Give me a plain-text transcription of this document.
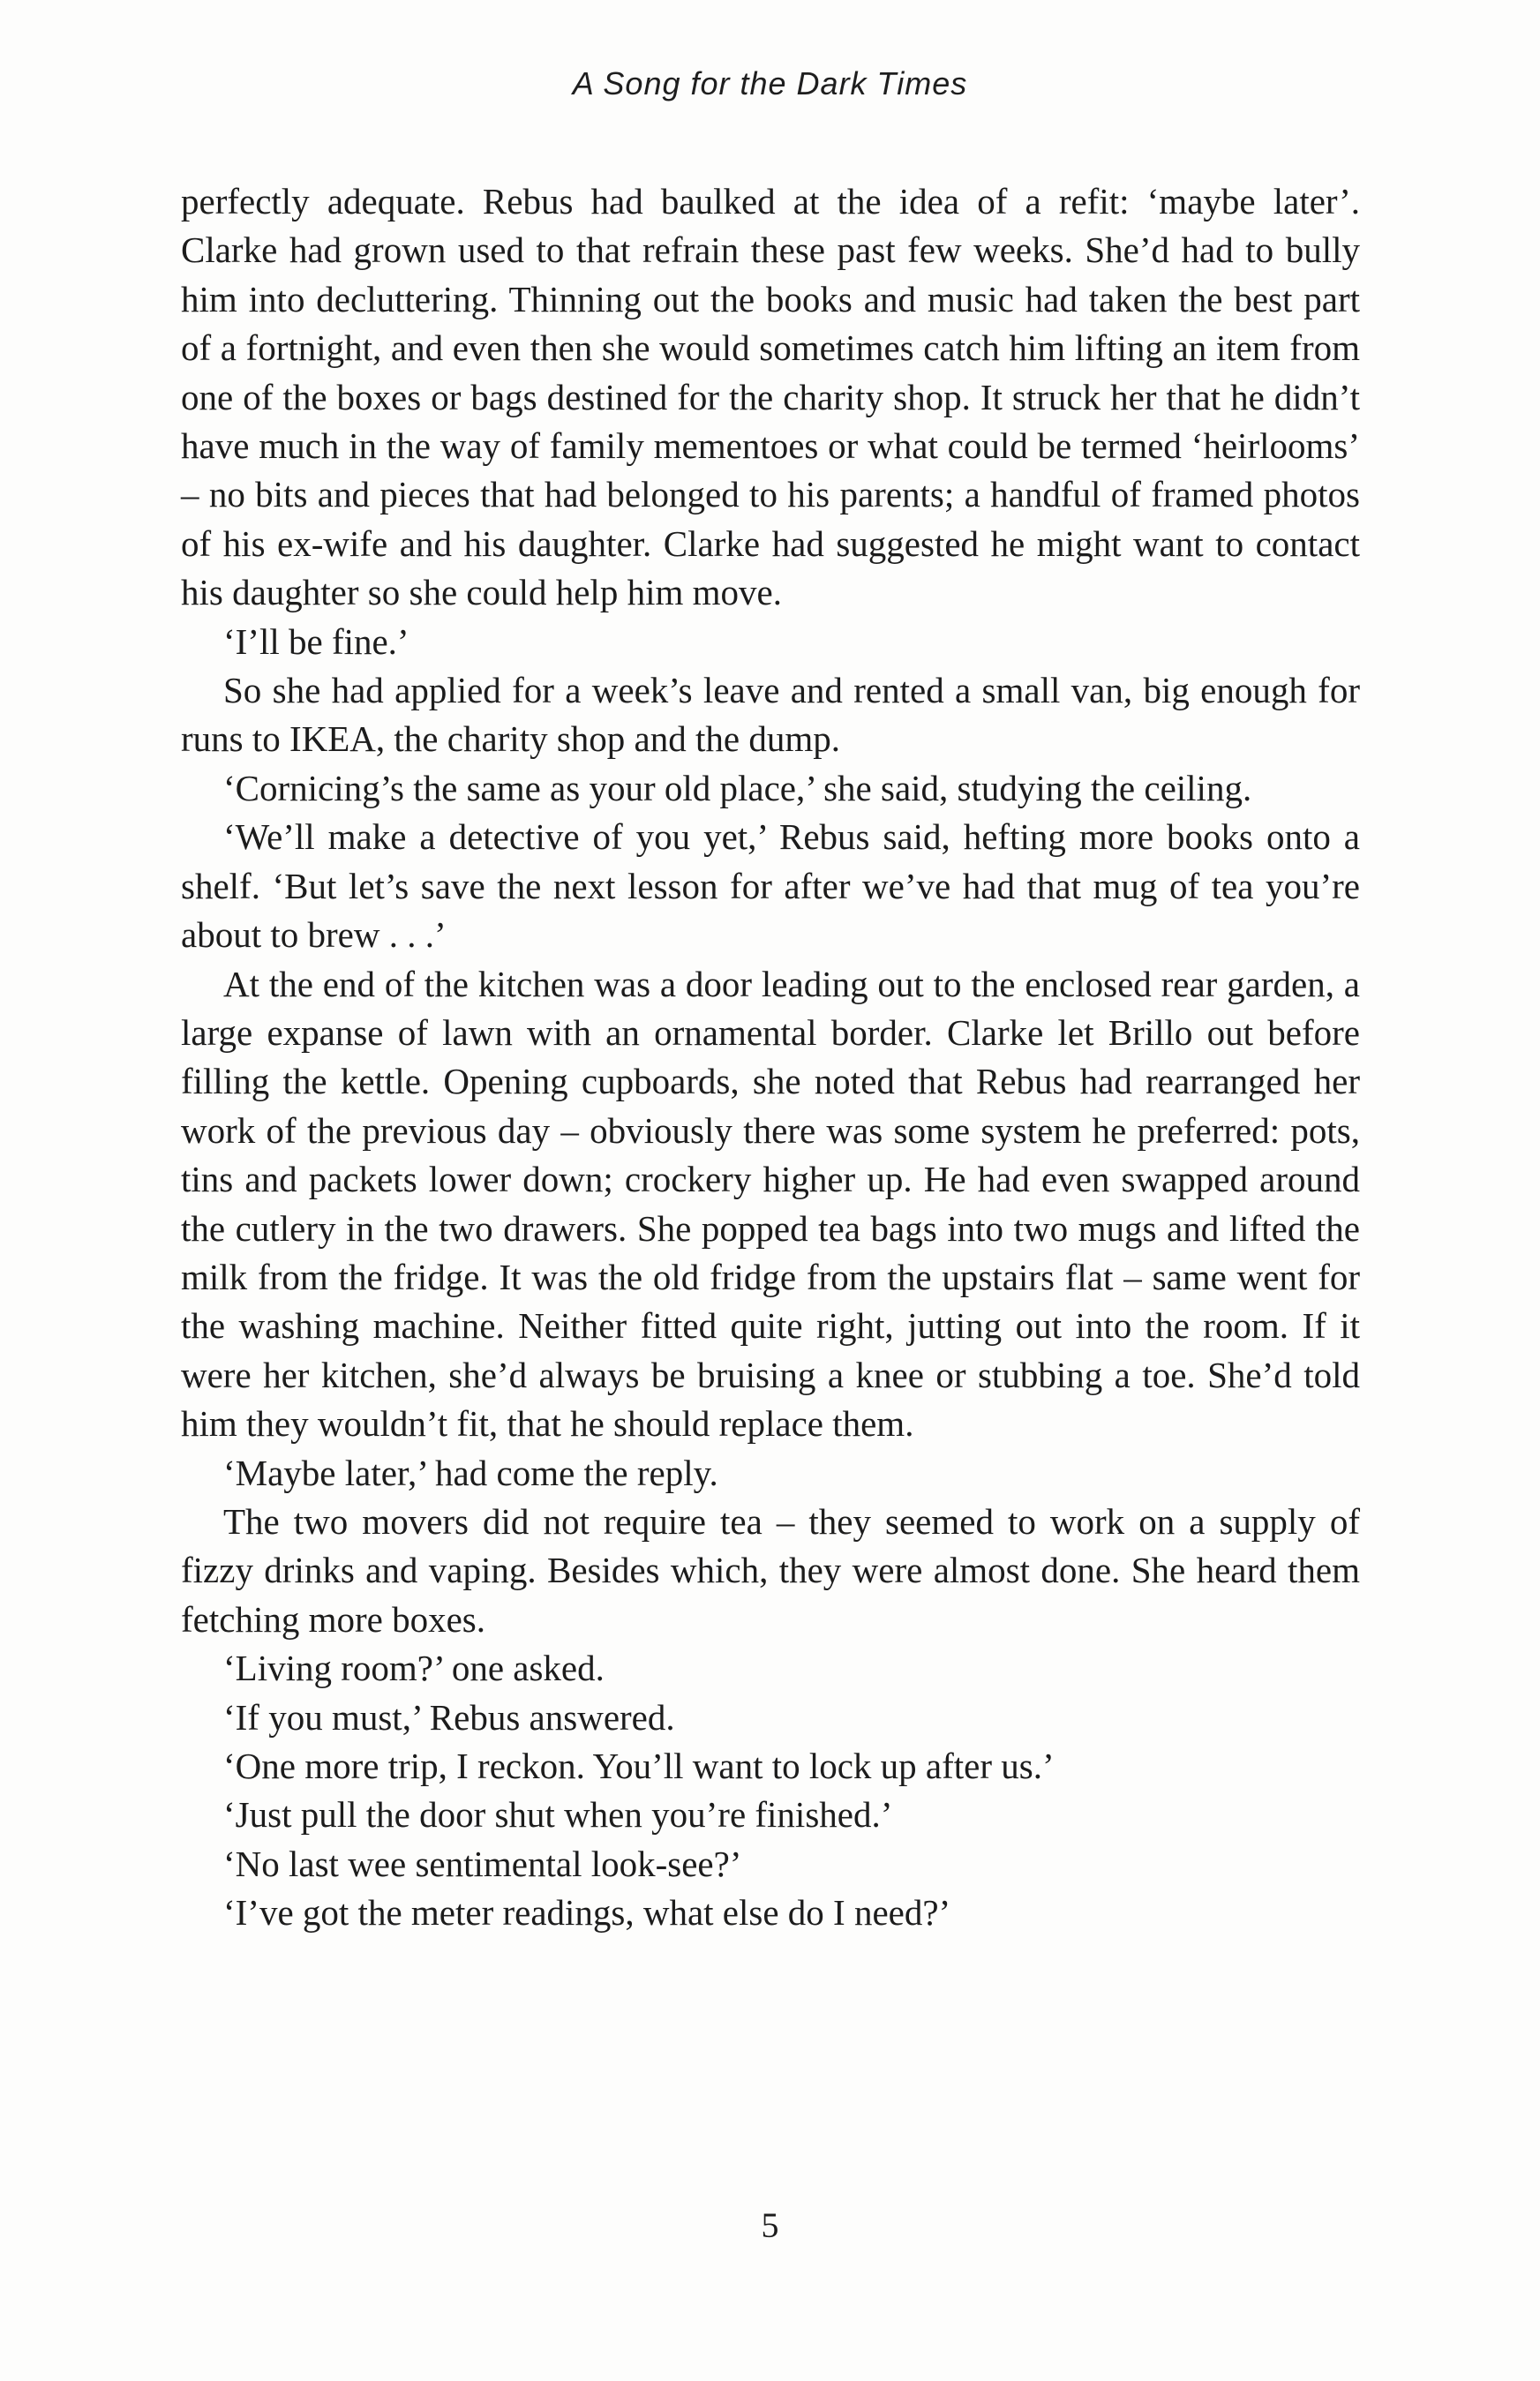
A Song for the Dark Times

perfectly adequate. Rebus had baulked at the idea of a refit: ‘maybe later’. Clarke had grown used to that refrain these past few weeks. She’d had to bully him into decluttering. Thinning out the books and music had taken the best part of a fortnight, and even then she would sometimes catch him lifting an item from one of the boxes or bags destined for the charity shop. It struck her that he didn’t have much in the way of family mementoes or what could be termed ‘heirlooms’ – no bits and pieces that had belonged to his parents; a handful of framed photos of his ex-wife and his daughter. Clarke had suggested he might want to contact his daughter so she could help him move.

‘I’ll be fine.’

So she had applied for a week’s leave and rented a small van, big enough for runs to IKEA, the charity shop and the dump.

‘Cornicing’s the same as your old place,’ she said, studying the ceiling.

‘We’ll make a detective of you yet,’ Rebus said, hefting more books onto a shelf. ‘But let’s save the next lesson for after we’ve had that mug of tea you’re about to brew . . .’

At the end of the kitchen was a door leading out to the enclosed rear garden, a large expanse of lawn with an ornamental border. Clarke let Brillo out before filling the kettle. Opening cupboards, she noted that Rebus had rearranged her work of the previous day – obviously there was some system he preferred: pots, tins and packets lower down; crockery higher up. He had even swapped around the cutlery in the two drawers. She popped tea bags into two mugs and lifted the milk from the fridge. It was the old fridge from the upstairs flat – same went for the washing machine. Neither fitted quite right, jutting out into the room. If it were her kitchen, she’d always be bruising a knee or stubbing a toe. She’d told him they wouldn’t fit, that he should replace them.

‘Maybe later,’ had come the reply.

The two movers did not require tea – they seemed to work on a supply of fizzy drinks and vaping. Besides which, they were almost done. She heard them fetching more boxes.

‘Living room?’ one asked.

‘If you must,’ Rebus answered.

‘One more trip, I reckon. You’ll want to lock up after us.’

‘Just pull the door shut when you’re finished.’

‘No last wee sentimental look-see?’

‘I’ve got the meter readings, what else do I need?’

5
